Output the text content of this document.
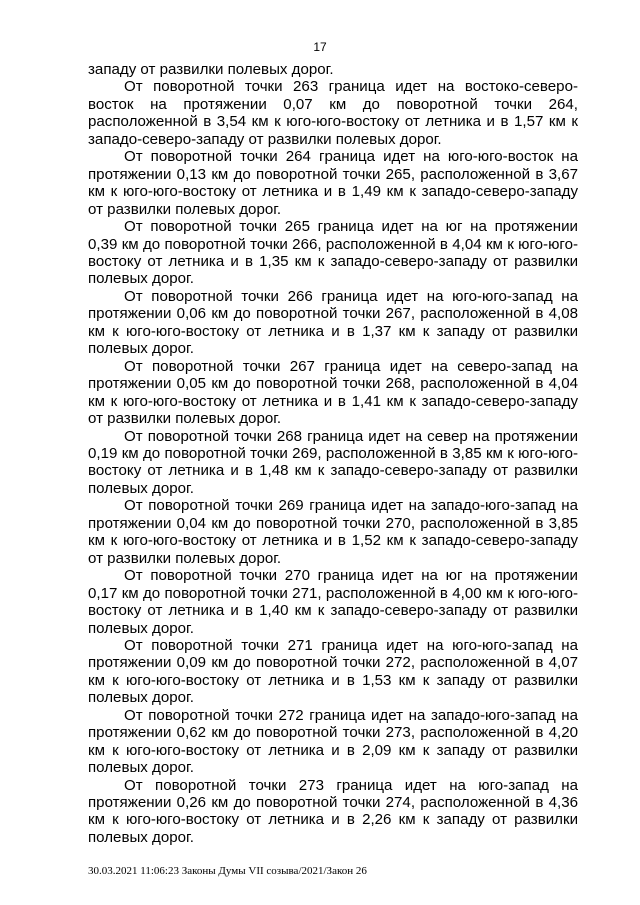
17

западу от развилки полевых дорог.

От поворотной точки 263 граница идет на востоко-северо-восток на протяжении 0,07 км до поворотной точки 264, расположенной в 3,54 км к юго-юго-востоку от летника и в 1,57 км к западо-северо-западу от развилки полевых дорог.

От поворотной точки 264 граница идет на юго-юго-восток на протяжении 0,13 км до поворотной точки 265, расположенной в 3,67 км к юго-юго-востоку от летника и в 1,49 км к западо-северо-западу от развилки полевых дорог.

От поворотной точки 265 граница идет на юг на протяжении 0,39 км до поворотной точки 266, расположенной в 4,04 км к юго-юго-востоку от летника и в 1,35 км к западо-северо-западу от развилки полевых дорог.

От поворотной точки 266 граница идет на юго-юго-запад на протяжении 0,06 км до поворотной точки 267, расположенной в 4,08 км к юго-юго-востоку от летника и в 1,37 км к западу от развилки полевых дорог.

От поворотной точки 267 граница идет на северо-запад на протяжении 0,05 км до поворотной точки 268, расположенной в 4,04 км к юго-юго-востоку от летника и в 1,41 км к западо-северо-западу от развилки полевых дорог.

От поворотной точки 268 граница идет на север на протяжении 0,19 км до поворотной точки 269, расположенной в 3,85 км к юго-юго-востоку от летника и в 1,48 км к западо-северо-западу от развилки полевых дорог.

От поворотной точки 269 граница идет на западо-юго-запад на протяжении 0,04 км до поворотной точки 270, расположенной в 3,85 км к юго-юго-востоку от летника и в 1,52 км к западо-северо-западу от развилки полевых дорог.

От поворотной точки 270 граница идет на юг на протяжении 0,17 км до поворотной точки 271, расположенной в 4,00 км к юго-юго-востоку от летника и в 1,40 км к западо-северо-западу от развилки полевых дорог.

От поворотной точки 271 граница идет на юго-юго-запад на протяжении 0,09 км до поворотной точки 272, расположенной в 4,07 км к юго-юго-востоку от летника и в 1,53 км к западу от развилки полевых дорог.

От поворотной точки 272 граница идет на западо-юго-запад на протяжении 0,62 км до поворотной точки 273, расположенной в 4,20 км к юго-юго-востоку от летника и в 2,09 км к западу от развилки полевых дорог.

От поворотной точки 273 граница идет на юго-запад на протяжении 0,26 км до поворотной точки 274, расположенной в 4,36 км к юго-юго-востоку от летника и в 2,26 км к западу от развилки полевых дорог.

30.03.2021 11:06:23 Законы Думы VII созыва/2021/Закон 26
